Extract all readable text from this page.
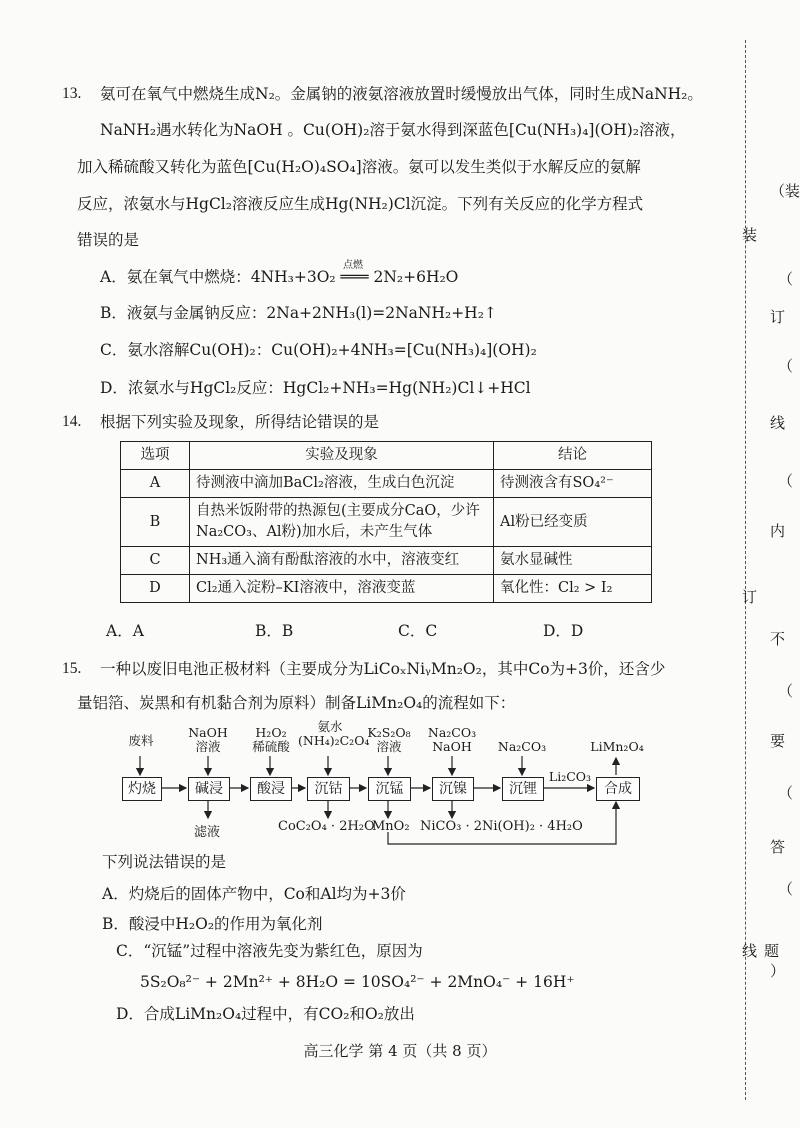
13. 氨可在氧气中燃烧生成N₂。金属钠的液氨溶液放置时缓慢放出气体，同时生成NaNH₂。
NaNH₂遇水转化为NaOH 。Cu(OH)₂溶于氨水得到深蓝色[Cu(NH₃)₄](OH)₂溶液，
加入稀硫酸又转化为蓝色[Cu(H₂O)₄SO₄]溶液。氨可以发生类似于水解反应的氨解
反应，浓氨水与HgCl₂溶液反应生成Hg(NH₂)Cl沉淀。下列有关反应的化学方程式
错误的是
点燃
A．氨在氧气中燃烧：4NH₃+3O₂ ═══ 2N₂+6H₂O
B．液氨与金属钠反应：2Na+2NH₃(l)=2NaNH₂+H₂↑
C．氨水溶解Cu(OH)₂：Cu(OH)₂+4NH₃=[Cu(NH₃)₄](OH)₂
D．浓氨水与HgCl₂反应：HgCl₂+NH₃=Hg(NH₂)Cl↓+HCl
14. 根据下列实验及现象，所得结论错误的是
选项	实验及现象	结论
A	待测液中滴加BaCl₂溶液，生成白色沉淀	待测液含有SO₄²⁻
B	自热米饭附带的热源包(主要成分CaO，少许Na₂CO₃、Al粉)加水后，未产生气体	Al粉已经变质
C	NH₃通入滴有酚酞溶液的水中，溶液变红	氨水显碱性
D	Cl₂通入淀粉–KI溶液中，溶液变蓝	氧化性：Cl₂ > I₂
A．A	B．B	C．C	D．D
15. 一种以废旧电池正极材料（主要成分为LiCoₓNiᵧMn₂O₂，其中Co为+3价，还含少
量铝箔、炭黑和有机黏合剂为原料）制备LiMn₂O₄的流程如下：
废料
NaOH
溶液
H₂O₂
稀硫酸
氨水
(NH₄)₂C₂O₄
K₂S₂O₈
溶液
Na₂CO₃
NaOH	Na₂CO₃	LiMn₂O₄
灼烧	碱浸	酸浸	沉钴	沉锰	沉镍	沉锂	合成
Li₂CO₃
滤液	CoC₂O₄ · 2H₂O
MnO₂ NiCO₃ · 2Ni(OH)₂ · 4H₂O
下列说法错误的是
A．灼烧后的固体产物中，Co和Al均为+3价
B．酸浸中H₂O₂的作用为氧化剂
C．“沉锰”过程中溶液先变为紫红色，原因为
5S₂O₈²⁻ + 2Mn²⁺ + 8H₂O = 10SO₄²⁻ + 2MnO₄⁻ + 16H⁺
D．合成LiMn₂O₄过程中，有CO₂和O₂放出
（装
装
（
订
（
线
（
内
订
不
（
要
（
答
（
线 题
）
高三化学 第 4 页（共 8 页）
